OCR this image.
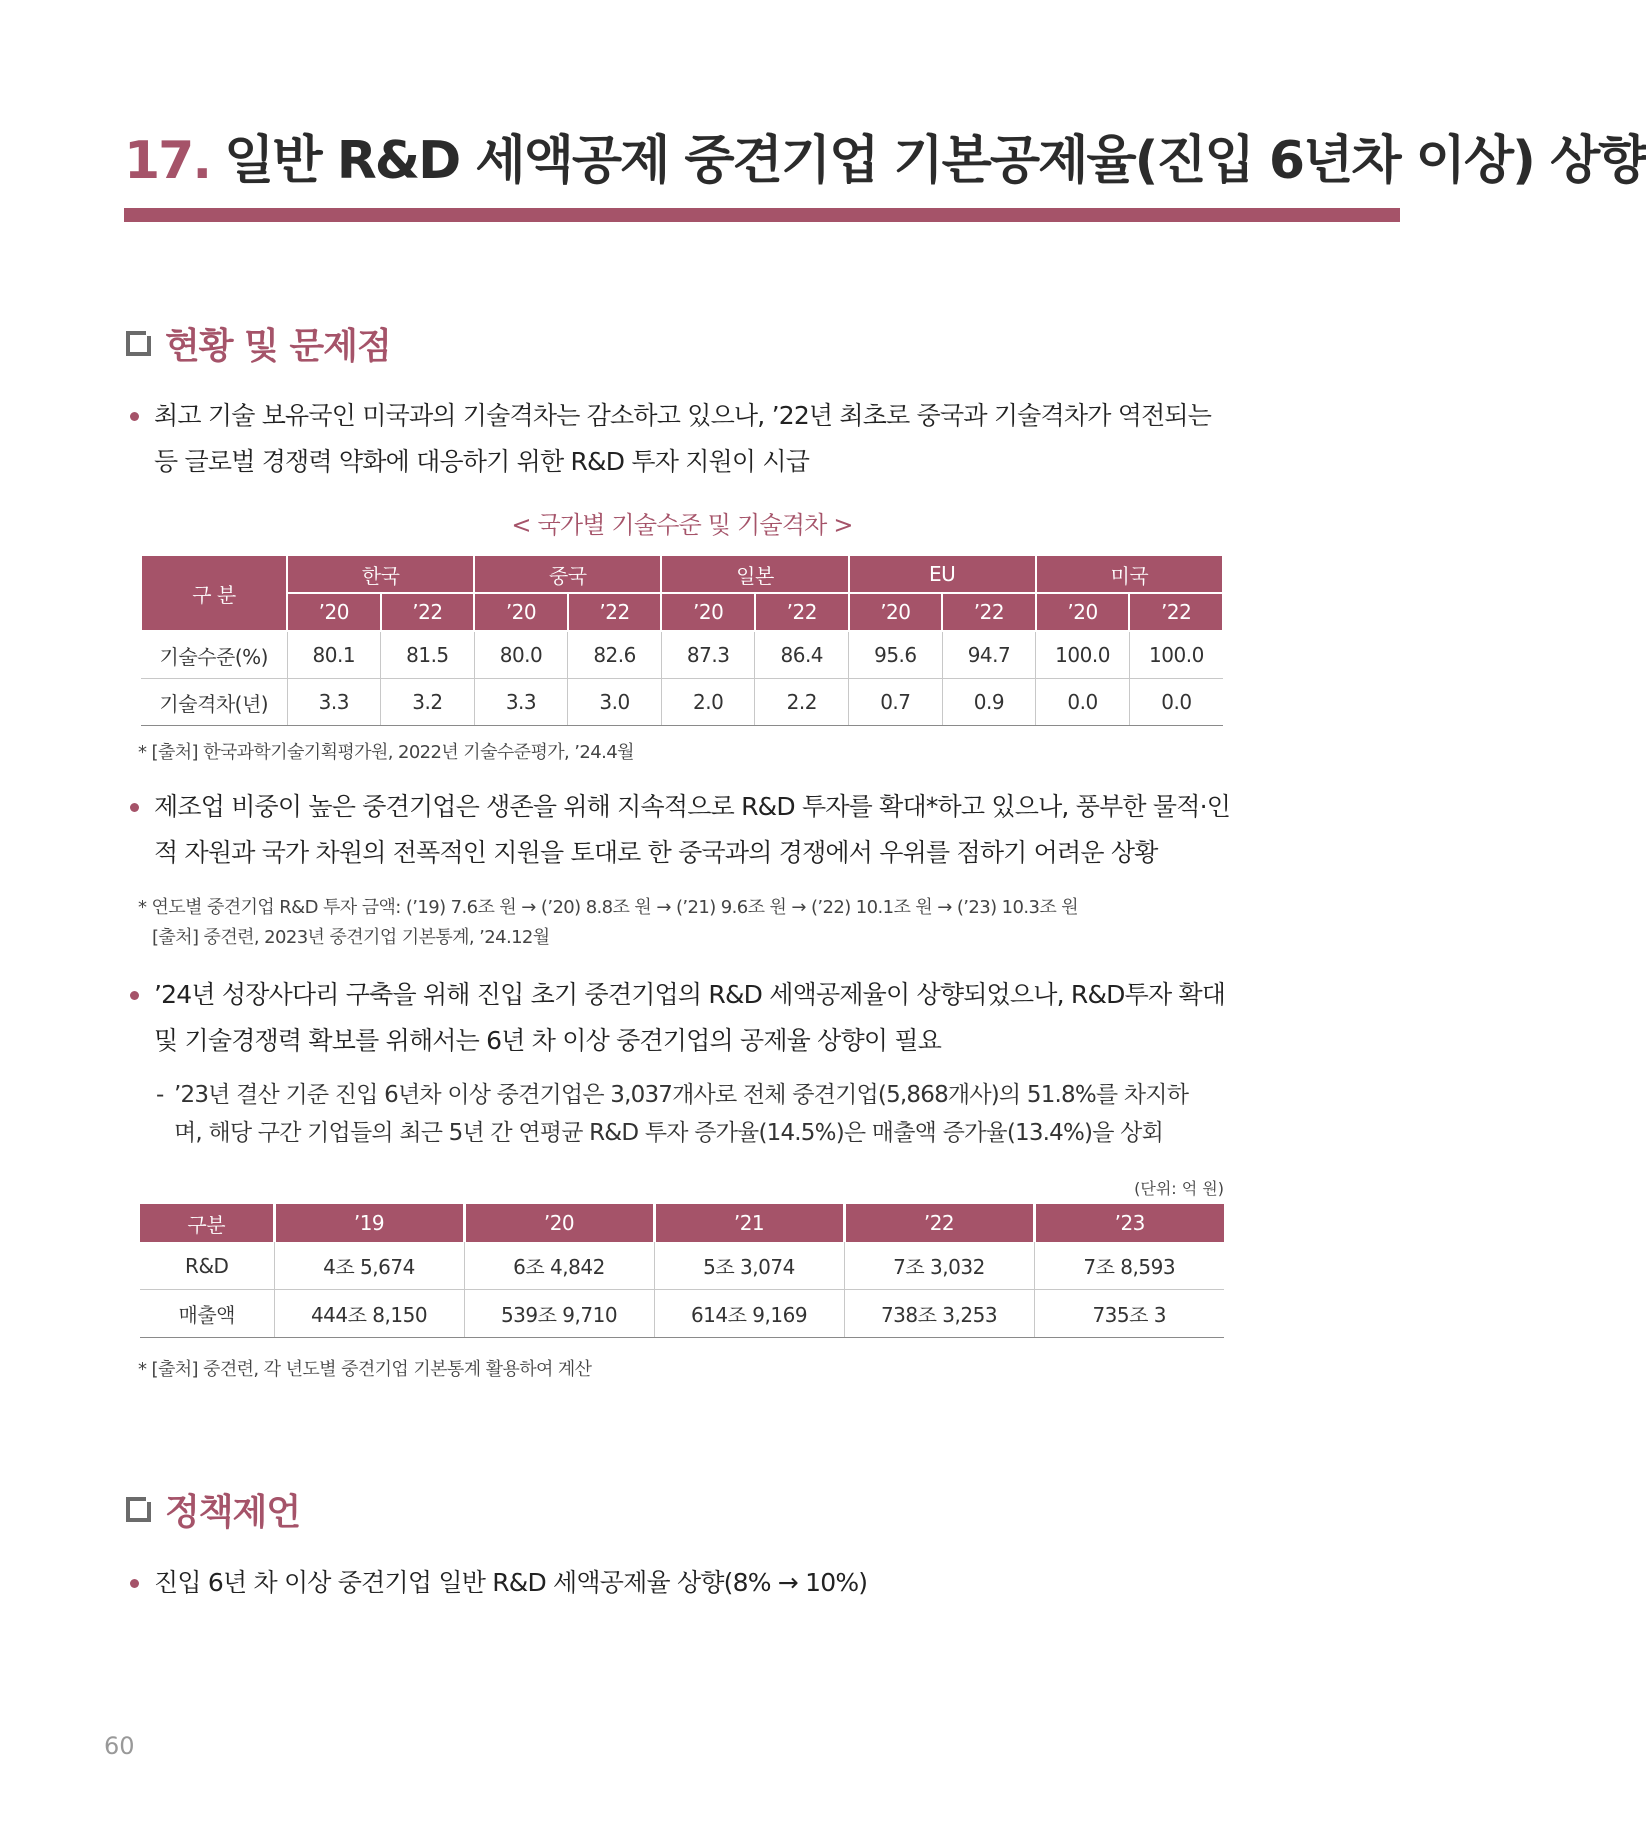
17. 일반 R&D 세액공제 중견기업 기본공제율(진입 6년차 이상) 상향
현황 및 문제점

최고 기술 보유국인 미국과의 기술격차는 감소하고 있으나, ’22년 최초로 중국과 기술격차가 역전되는 등 글로벌 경쟁력 약화에 대응하기 위한 R&D 투자 지원이 시급

< 국가별 기술수준 및 기술격차 >

구 분	한국		중국		일본		EU		미국	
	’20	’22	’20	’22	’20	’22	’20	’22	’20	’22
기술수준(%)	80.1	81.5	80.0	82.6	87.3	86.4	95.6	94.7	100.0	100.0
기술격차(년)	3.3	3.2	3.3	3.0	2.0	2.2	0.7	0.9	0.0	0.0

* [출처] 한국과학기술기획평가원, 2022년 기술수준평가, ’24.4월

제조업 비중이 높은 중견기업은 생존을 위해 지속적으로 R&D 투자를 확대*하고 있으나, 풍부한 물적·인적 자원과 국가 차원의 전폭적인 지원을 토대로 한 중국과의 경쟁에서 우위를 점하기 어려운 상황

* 연도별 중견기업 R&D 투자 금액: (’19) 7.6조 원 → (’20) 8.8조 원 → (’21) 9.6조 원 → (’22) 10.1조 원 → (’23) 10.3조 원

[출처] 중견련, 2023년 중견기업 기본통계, ’24.12월

’24년 성장사다리 구축을 위해 진입 초기 중견기업의 R&D 세액공제율이 상향되었으나, R&D투자 확대 및 기술경쟁력 확보를 위해서는 6년 차 이상 중견기업의 공제율 상향이 필요

- ’23년 결산 기준 진입 6년차 이상 중견기업은 3,037개사로 전체 중견기업(5,868개사)의 51.8%를 차지하며, 해당 구간 기업들의 최근 5년 간 연평균 R&D 투자 증가율(14.5%)은 매출액 증가율(13.4%)을 상회

(단위: 억 원)

구분	’19	’20	’21	’22	’23
R&D	4조 5,674	6조 4,842	5조 3,074	7조 3,032	7조 8,593
매출액	444조 8,150	539조 9,710	614조 9,169	738조 3,253	735조 3

* [출처] 중견련, 각 년도별 중견기업 기본통계 활용하여 계산

정책제언

진입 6년 차 이상 중견기업 일반 R&D 세액공제율 상향(8% → 10%)

60
